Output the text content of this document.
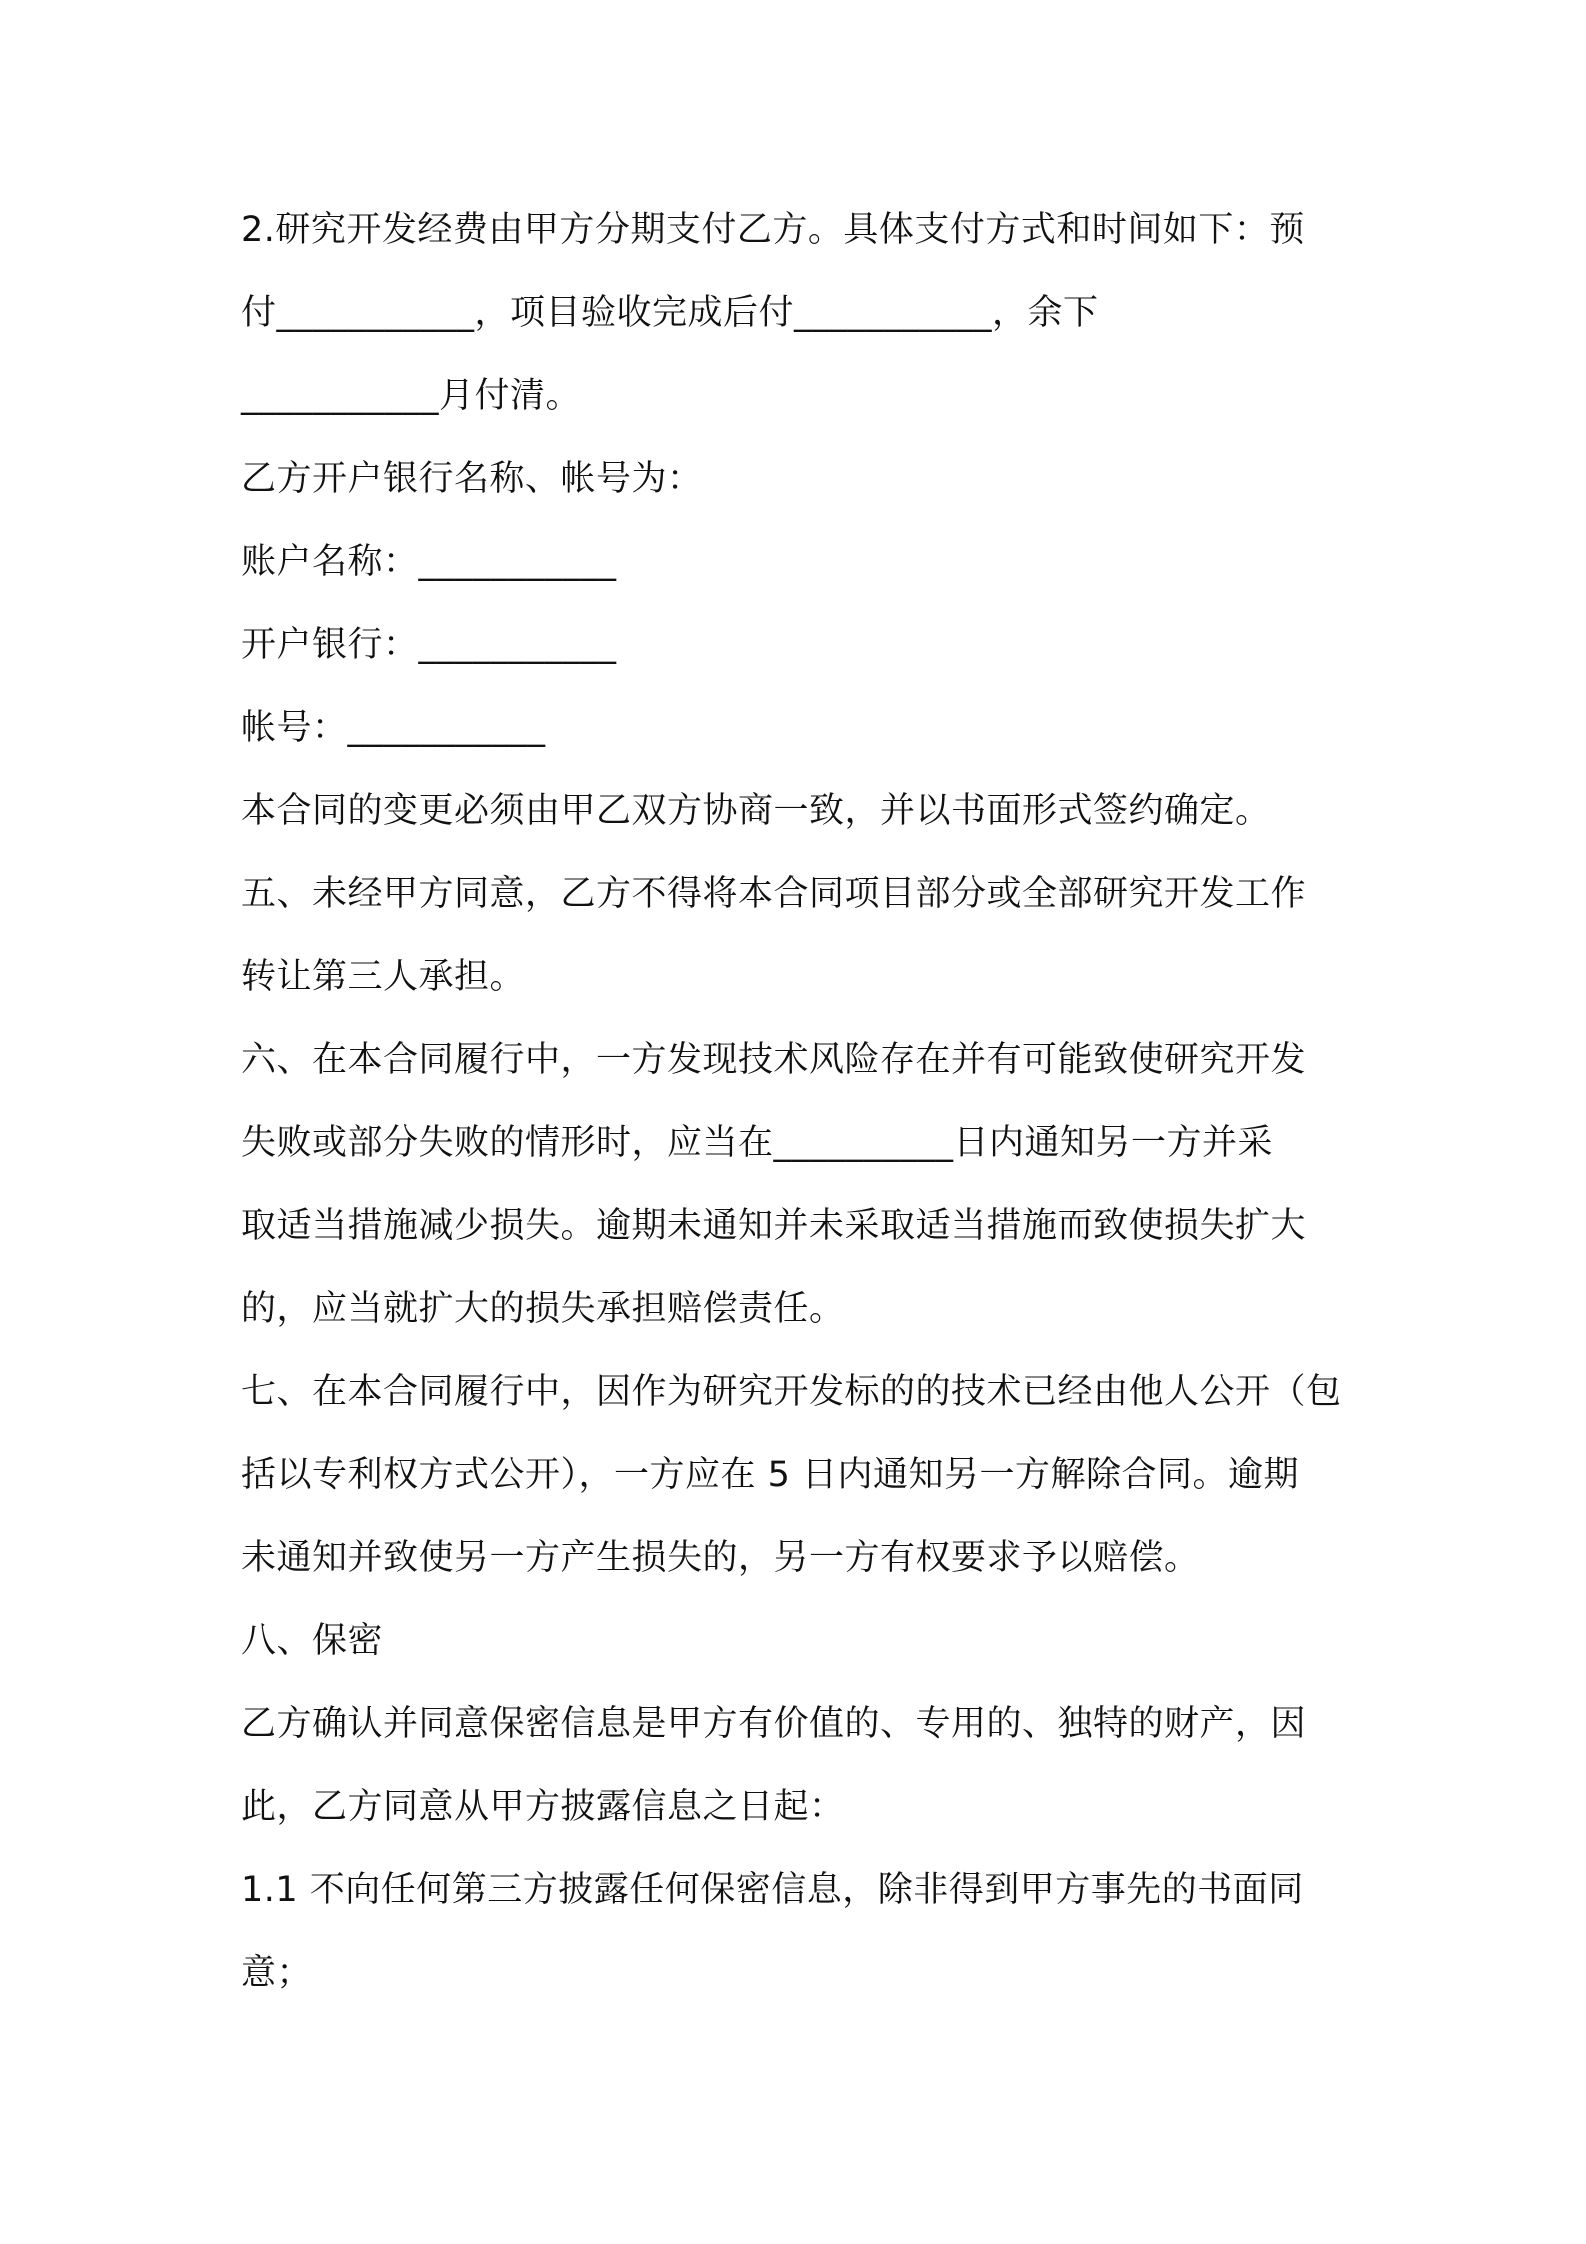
2.研究开发经费由甲方分期支付乙方。具体支付方式和时间如下：预
付___________，项目验收完成后付___________，余下
___________月付清。
乙方开户银行名称、帐号为：
账户名称：___________
开户银行：___________
帐号：___________
本合同的变更必须由甲乙双方协商一致，并以书面形式签约确定。
五、未经甲方同意，乙方不得将本合同项目部分或全部研究开发工作
转让第三人承担。
六、在本合同履行中，一方发现技术风险存在并有可能致使研究开发
失败或部分失败的情形时，应当在__________日内通知另一方并采
取适当措施减少损失。逾期未通知并未采取适当措施而致使损失扩大
的，应当就扩大的损失承担赔偿责任。
七、在本合同履行中，因作为研究开发标的的技术已经由他人公开（包
括以专利权方式公开），一方应在 5 日内通知另一方解除合同。逾期
未通知并致使另一方产生损失的，另一方有权要求予以赔偿。
八、保密
乙方确认并同意保密信息是甲方有价值的、专用的、独特的财产，因
此，乙方同意从甲方披露信息之日起：
1.1 不向任何第三方披露任何保密信息，除非得到甲方事先的书面同
意；
